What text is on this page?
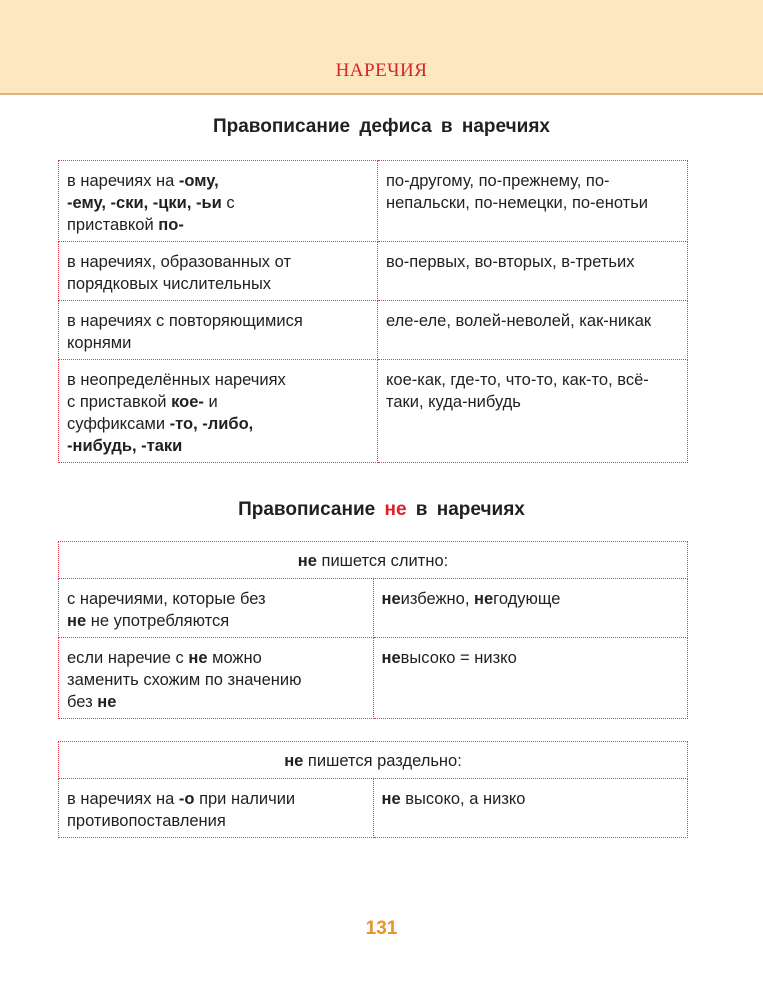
НАРЕЧИЯ
Правописание дефиса в наречиях
в наречиях на -ому,
-ему, -ски, -цки, -ьи с
приставкой по-	по-другому, по-прежнему, по-непальски, по-немецки, по-енотьи
в наречиях, образованных от порядковых числительных	во-первых, во-вторых, в-третьих
в наречиях с повторяющимися корнями	еле-еле, волей-неволей, как-никак
в неопределённых наречиях
с приставкой кое- и
суффиксами -то, -либо,
-нибудь, -таки	кое-как, где-то, что-то, как-то, всё-таки, куда-нибудь
Правописание не в наречиях
не пишется слитно:	
с наречиями, которые без
не не употребляются	неизбежно, негодующе
если наречие с не можно
заменить схожим по значению
без не	невысоко = низко
не пишется раздельно:
в наречиях на -о при наличии
противопоставления	не высоко, а низко
131
